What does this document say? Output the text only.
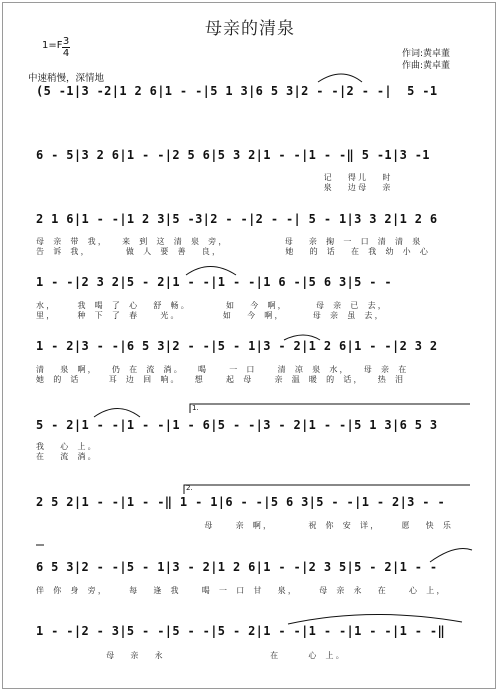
母亲的清泉
1=F 3
4	作词:黄卓董
作曲:黄卓董
中速稍慢，深情地
(5 -1|3 -2|1 2 6|1 - -|5 1 3|6 5 3|2 - -|2 - -|  5 -1
6 - 5|3 2 6|1 - -|2 5 6|5 3 2|1 - -|1 - -‖ 5 -1|3 -1
记  得儿  时
泉  边母  亲
2 1 6|1 - -|1 2 3|5 -3|2 - -|2 - -| 5 - 1|3 3 2|1 2 6
母 亲 带 我，  来 到 这 清 泉 旁，        母  亲 掬 一 口 清 清 泉
告 诉 我，     做 人 要 善  良，         她  的 话  在 我 幼 小 心
1 - -|2 3 2|5 - 2|1 - -|1 - -|1 6 -|5 6 3|5 - -
水，   我 喝 了 心  舒 畅。     如  今 啊，    母 亲 已 去，
里，   种 下 了 春   光。      如  今 啊，    母 亲 虽 去，
1 - 2|3 - -|6 5 3|2 - -|5 - 1|3 - 2|1 2 6|1 - -|2 3 2
清  泉 啊，  仍 在 流 淌。  喝   一 口   清 凉 泉 水，  母 亲 在
她 的 话    耳 边 回 响。  想   起 母   亲 温 暖 的 话，  热 泪
5 - 2|1 - -|1 - -|1 - 6|5 - -|3 - 2|1 - -|5 1 3|6 5 3
我  心 上。
在  流 淌。
2 5 2|1 - -|1 - -‖ 1 - 1|6 - -|5 6 3|5 - -|1 - 2|3 - -
母   亲 啊，     祝 你 安 详，   愿  快 乐
6 5 3|2 - -|5 - 1|3 - 2|1 2 6|1 - -|2 3 5|5 - 2|1 - -
伴 你 身 旁，   每  逢 我   喝 一 口 甘  泉，   母 亲 永  在   心 上，
1 - -|2 - 3|5 - -|5 - -|5 - 2|1 - -|1 - -|1 - -|1 - -‖
母  亲  永               在    心 上。
1.
2.
